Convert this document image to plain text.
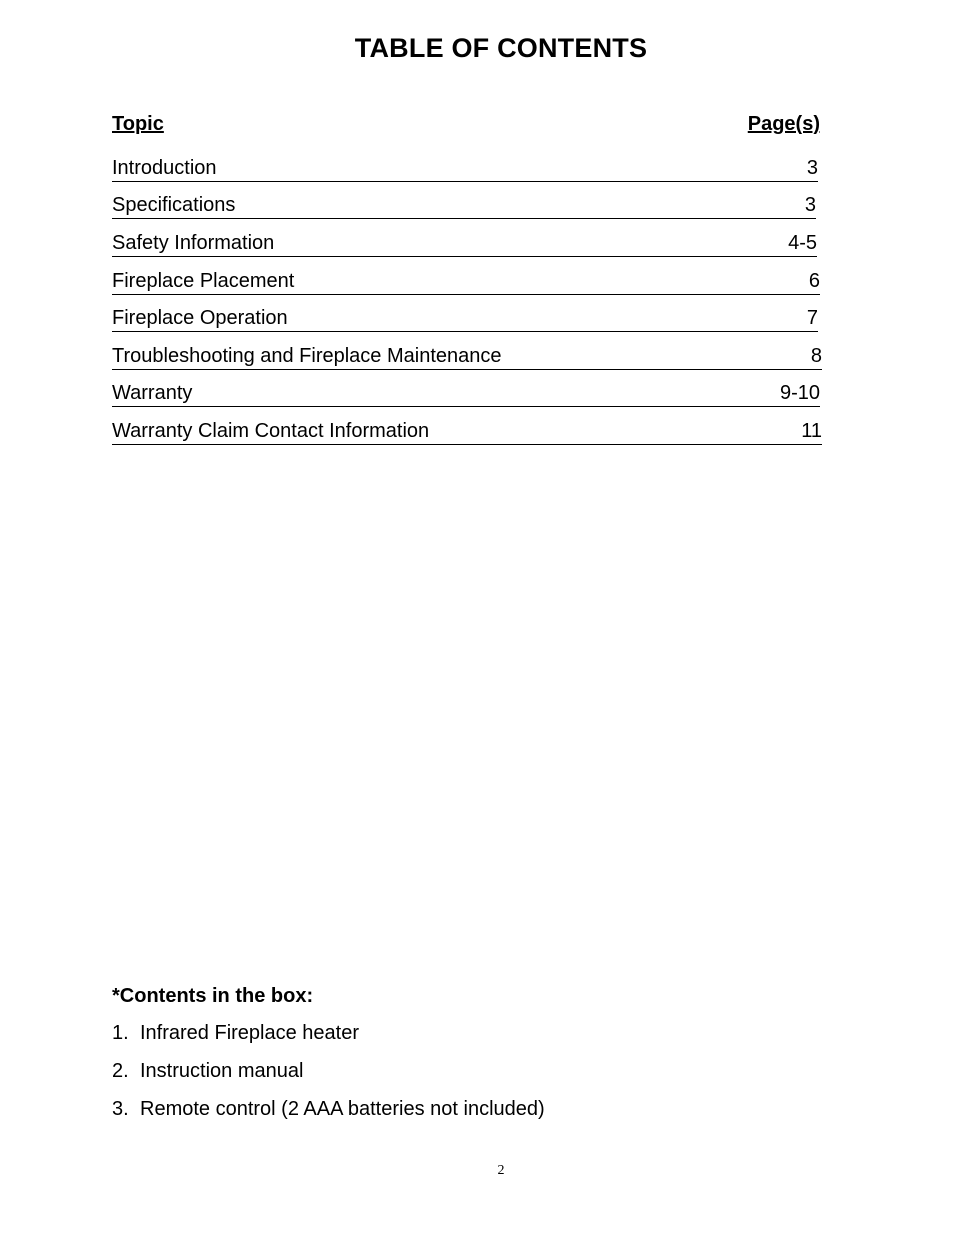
TABLE OF CONTENTS
Topic	Page(s)
Introduction	3
Specifications	3
Safety Information	4-5
Fireplace Placement	6
Fireplace Operation	7
Troubleshooting and Fireplace Maintenance	8
Warranty	9-10
Warranty Claim Contact Information	11
*Contents in the box:
1. Infrared Fireplace heater
2. Instruction manual
3. Remote control (2 AAA batteries not included)
2
